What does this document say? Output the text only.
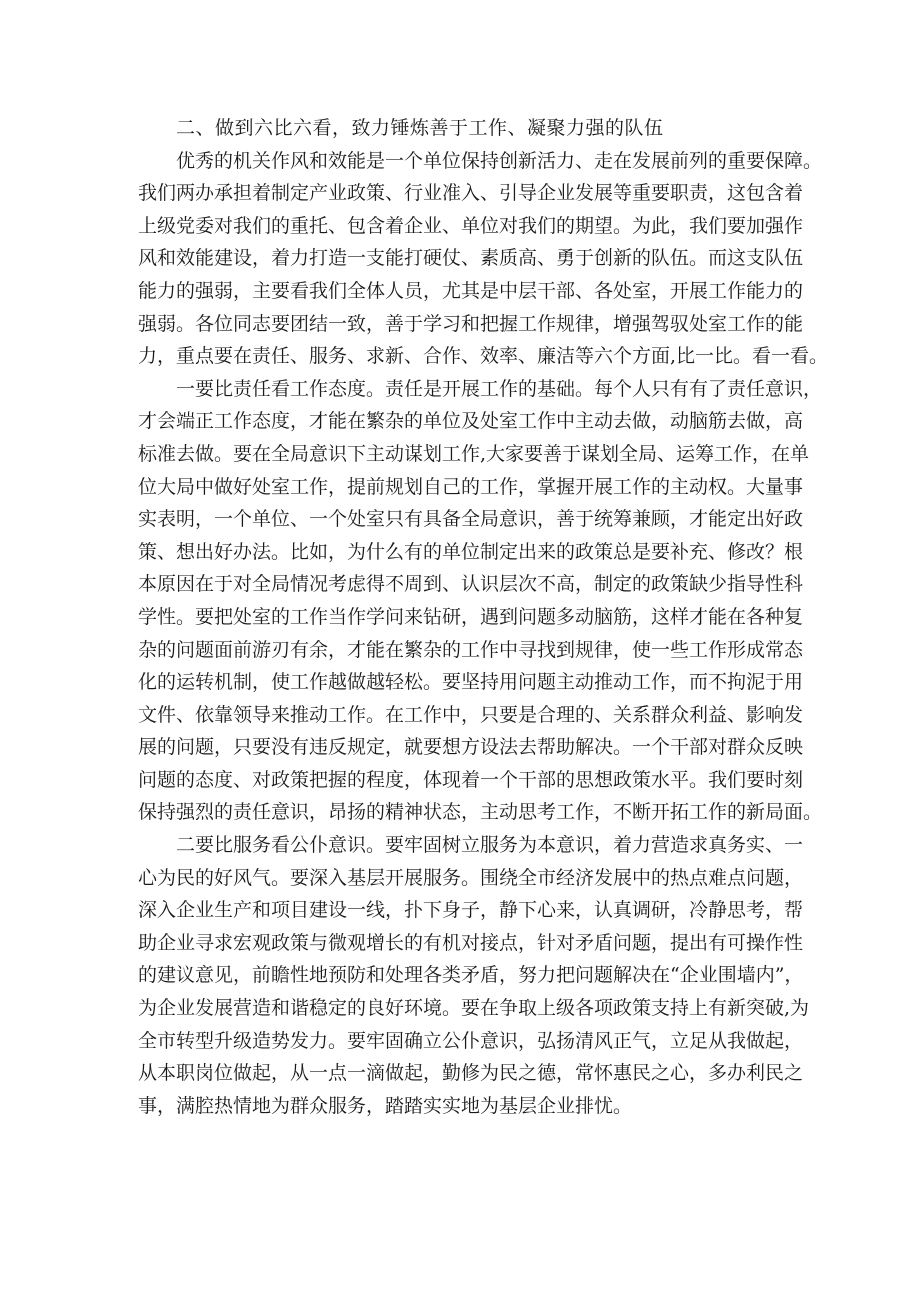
二、做到六比六看，致力锤炼善于工作、凝聚力强的队伍
优秀的机关作风和效能是一个单位保持创新活力、走在发展前列的重要保障。
我们两办承担着制定产业政策、行业准入、引导企业发展等重要职责，这包含着
上级党委对我们的重托、包含着企业、单位对我们的期望。为此，我们要加强作
风和效能建设，着力打造一支能打硬仗、素质高、勇于创新的队伍。而这支队伍
能力的强弱，主要看我们全体人员，尤其是中层干部、各处室，开展工作能力的
强弱。各位同志要团结一致，善于学习和把握工作规律，增强驾驭处室工作的能
力，重点要在责任、服务、求新、合作、效率、廉洁等六个方面,比一比。看一看。
一要比责任看工作态度。责任是开展工作的基础。每个人只有有了责任意识，
才会端正工作态度，才能在繁杂的单位及处室工作中主动去做，动脑筋去做，高
标准去做。要在全局意识下主动谋划工作,大家要善于谋划全局、运筹工作，在单
位大局中做好处室工作，提前规划自己的工作，掌握开展工作的主动权。大量事
实表明，一个单位、一个处室只有具备全局意识，善于统筹兼顾，才能定出好政
策、想出好办法。比如，为什么有的单位制定出来的政策总是要补充、修改？根
本原因在于对全局情况考虑得不周到、认识层次不高，制定的政策缺少指导性科
学性。要把处室的工作当作学问来钻研，遇到问题多动脑筋，这样才能在各种复
杂的问题面前游刃有余，才能在繁杂的工作中寻找到规律，使一些工作形成常态
化的运转机制，使工作越做越轻松。要坚持用问题主动推动工作，而不拘泥于用
文件、依靠领导来推动工作。在工作中，只要是合理的、关系群众利益、影响发
展的问题，只要没有违反规定，就要想方设法去帮助解决。一个干部对群众反映
问题的态度、对政策把握的程度，体现着一个干部的思想政策水平。我们要时刻
保持强烈的责任意识，昂扬的精神状态，主动思考工作，不断开拓工作的新局面。
二要比服务看公仆意识。要牢固树立服务为本意识，着力营造求真务实、一
心为民的好风气。要深入基层开展服务。围绕全市经济发展中的热点难点问题，
深入企业生产和项目建设一线，扑下身子，静下心来，认真调研，冷静思考，帮
助企业寻求宏观政策与微观增长的有机对接点，针对矛盾问题，提出有可操作性
的建议意见，前瞻性地预防和处理各类矛盾，努力把问题解决在“企业围墙内”，
为企业发展营造和谐稳定的良好环境。要在争取上级各项政策支持上有新突破,为
全市转型升级造势发力。要牢固确立公仆意识，弘扬清风正气，立足从我做起，
从本职岗位做起，从一点一滴做起，勤修为民之德，常怀惠民之心，多办利民之
事，满腔热情地为群众服务，踏踏实实地为基层企业排忧。
